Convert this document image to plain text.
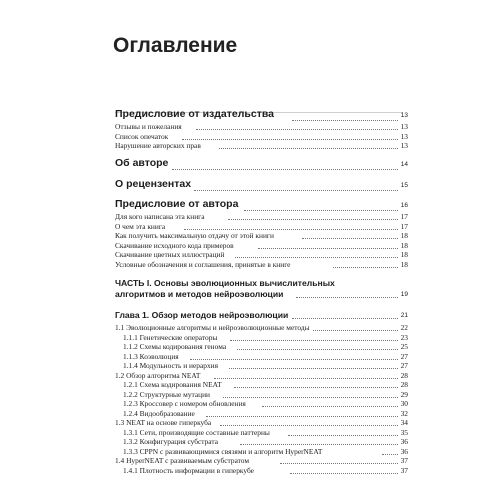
Оглавление
Предисловие от издательства	13
Отзывы и пожелания	13
Список опечаток	13
Нарушение авторских прав	13
Об авторе	14
О рецензентах	15
Предисловие от автора	16
Для кого написана эта книга	17
О чем эта книга	17
Как получить максимальную отдачу от этой книги	18
Скачивание исходного кода примеров	18
Скачивание цветных иллюстраций	18
Условные обозначения и соглашения, принятые в книге	18
ЧАСТЬ I. Основы эволюционных вычислительных
алгоритмов и методов нейроэволюции	19
Глава 1. Обзор методов нейроэволюции	21
1.1 Эволюционные алгоритмы и нейроэволюционные методы	22
1.1.1 Генетические операторы	23
1.1.2 Схемы кодирования генома	25
1.1.3 Коэволюция	27
1.1.4 Модульность и иерархия	27
1.2 Обзор алгоритма NEAT	28
1.2.1 Схема кодирования NEAT	28
1.2.2 Структурные мутации	29
1.2.3 Кроссовер с номером обновления	30
1.2.4 Видообразование	32
1.3 NEAT на основе гиперкуба	34
1.3.1 Сети, производящие составные паттерны	35
1.3.2 Конфигурация субстрата	36
1.3.3 CPPN с развивающимися связями и алгоритм HyperNEAT	36
1.4 HyperNEAT с развиваемым субстратом	37
1.4.1 Плотность информации в гиперкубе	37
